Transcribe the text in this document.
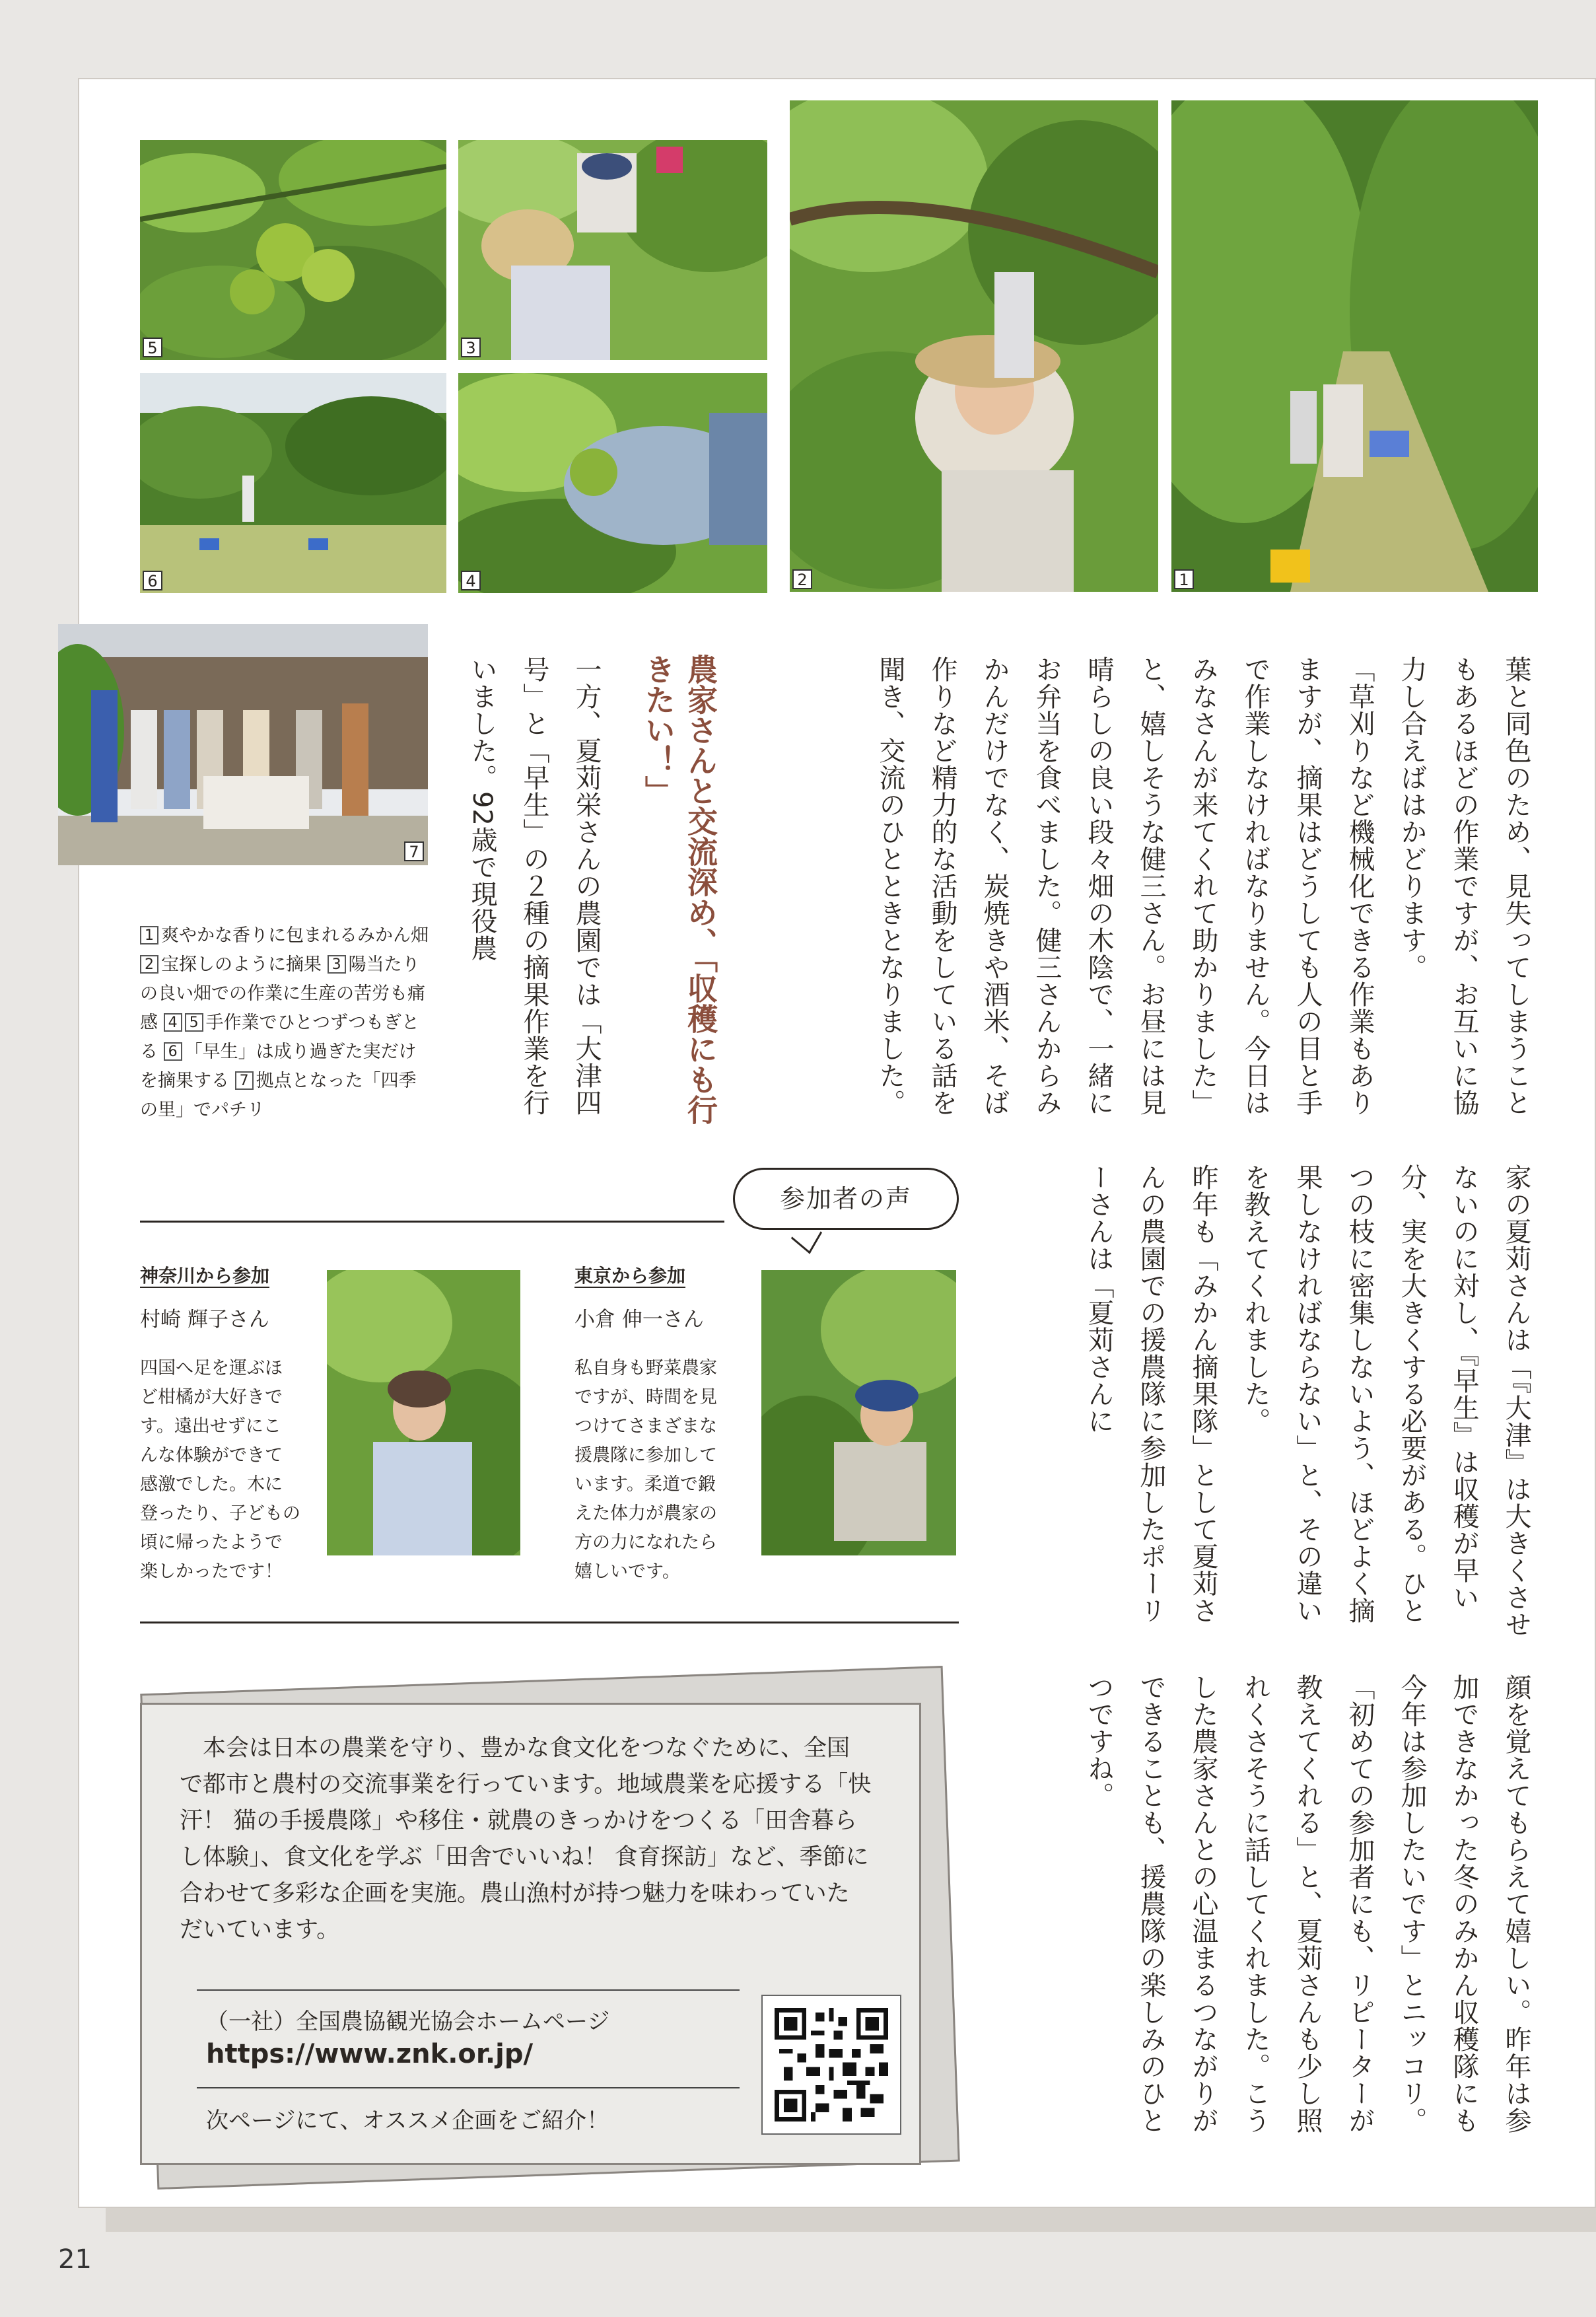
5	3
6	4	2	1
7	葉と同色のため、見失ってしまうこともあるほどの作業ですが、お互いに協力し合えばはかどります。

「草刈りなど機械化できる作業もありますが、摘果はどうしても人の目と手で作業しなければなりません。今日はみなさんが来てくれて助かりました」と、嬉しそうな健三さん。お昼には見晴らしの良い段々畑の木陰で、一緒にお弁当を食べました。健三さんからみかんだけでなく、炭焼きや酒米、そば作りなど精力的な活動をしている話を聞き、交流のひとときとなりました。

農家さんと交流深め、「収穫にも行きたい！」
一方、夏苅栄さんの農園では「大津四号」と「早生」の２種の摘果作業を行いました。92歳で現役農

家の夏苅さんは「『大津』は大きくさせないのに対し、『早生』は収穫が早い分、実を大きくする必要がある。ひとつの枝に密集しないよう、ほどよく摘果しなければならない」と、その違いを教えてくれました。

昨年も「みかん摘果隊」として夏苅さんの農園での援農隊に参加したポーリーさんは「夏苅さんに

顔を覚えてもらえて嬉しい。昨年は参加できなかった冬のみかん収穫隊にも今年は参加したいです」とニッコリ。「初めての参加者にも、リピーターが教えてくれる」と、夏苅さんも少し照れくさそうに話してくれました。こうした農家さんとの心温まるつながりができることも、援農隊の楽しみのひとつですね。
1 爽やかな香りに包まれるみかん畑 2 宝探しのように摘果 3 陽当たりの良い畑での作業に生産の苦労も痛感 4 5 手作業でひとつずつもぎとる 6 「早生」は成り過ぎた実だけを摘果する 7 拠点となった「四季の里」でパチリ
参加者の声
神奈川から参加
村崎 輝子さん
四国へ足を運ぶほ
ど柑橘が大好きで
す。遠出せずにこ
んな体験ができて
感激でした。木に
登ったり、子どもの
頃に帰ったようで
楽しかったです！
東京から参加
小倉 伸一さん
私自身も野菜農家
ですが、時間を見
つけてさまざまな
援農隊に参加して
います。柔道で鍛
えた体力が農家の
方の力になれたら
嬉しいです。
　本会は日本の農業を守り、豊かな食文化をつなぐために、全国
で都市と農村の交流事業を行っています。地域農業を応援する「快
汗！ 猫の手援農隊」や移住・就農のきっかけをつくる「田舎暮ら
し体験」、食文化を学ぶ「田舎でいいね！ 食育探訪」など、季節に
合わせて多彩な企画を実施。農山漁村が持つ魅力を味わっていた
だいています。
（一社）全国農協観光協会ホームページ
https://www.znk.or.jp/
次ページにて、オススメ企画をご紹介！
21
